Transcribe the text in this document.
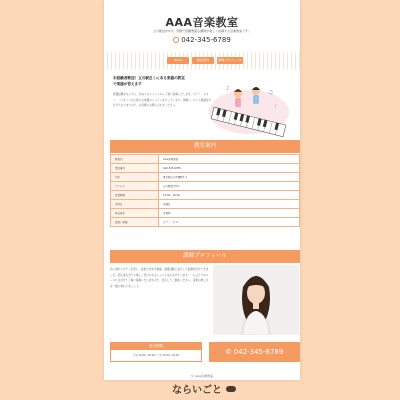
AAA音楽教室
立川駅徒歩5分。気軽で経験豊富な講師が楽しく指導する音楽教室です。
042-345-6789
Home	教室案内	講師プロフィール
未経験者歓迎！立川駅近くにある楽器の教室
で楽器が習えます
楽器経験がない方も、初めてのレッスンから丁寧に指導いたします。ピアノ・ギター・バイオリンなど様々な楽器のレッスンを行っています。体験レッスンも随時受け付けておりますので、お気軽にお問い合わせください。
♪
♫
♪
教室案内
教室名	AAA音楽教室
電話番号	042-345-6789
住所	東京都立川市曙町1-1
アクセス	立川駅徒歩5分
営業時間	10:00〜20:00
定休日	月曜日
料金体系	月謝制
取扱い楽器	ピアノ・ギター
講師プロフィール
幼い頃からピアノを習い、音楽大学を卒業後、演奏活動と並行して指導を続けてきました。初心者の方でも楽しく続けられるレッスンを心がけています。一人ひとりのペースに合わせて丁寧に指導いたしますので、安心してご参加ください。音楽の楽しさを一緒に味わいましょう。
受付時間
平日 10:00〜20:00 / 土日 10:00〜18:00	✆ 042-345-6789
© AAA音楽教室
ならいごと
